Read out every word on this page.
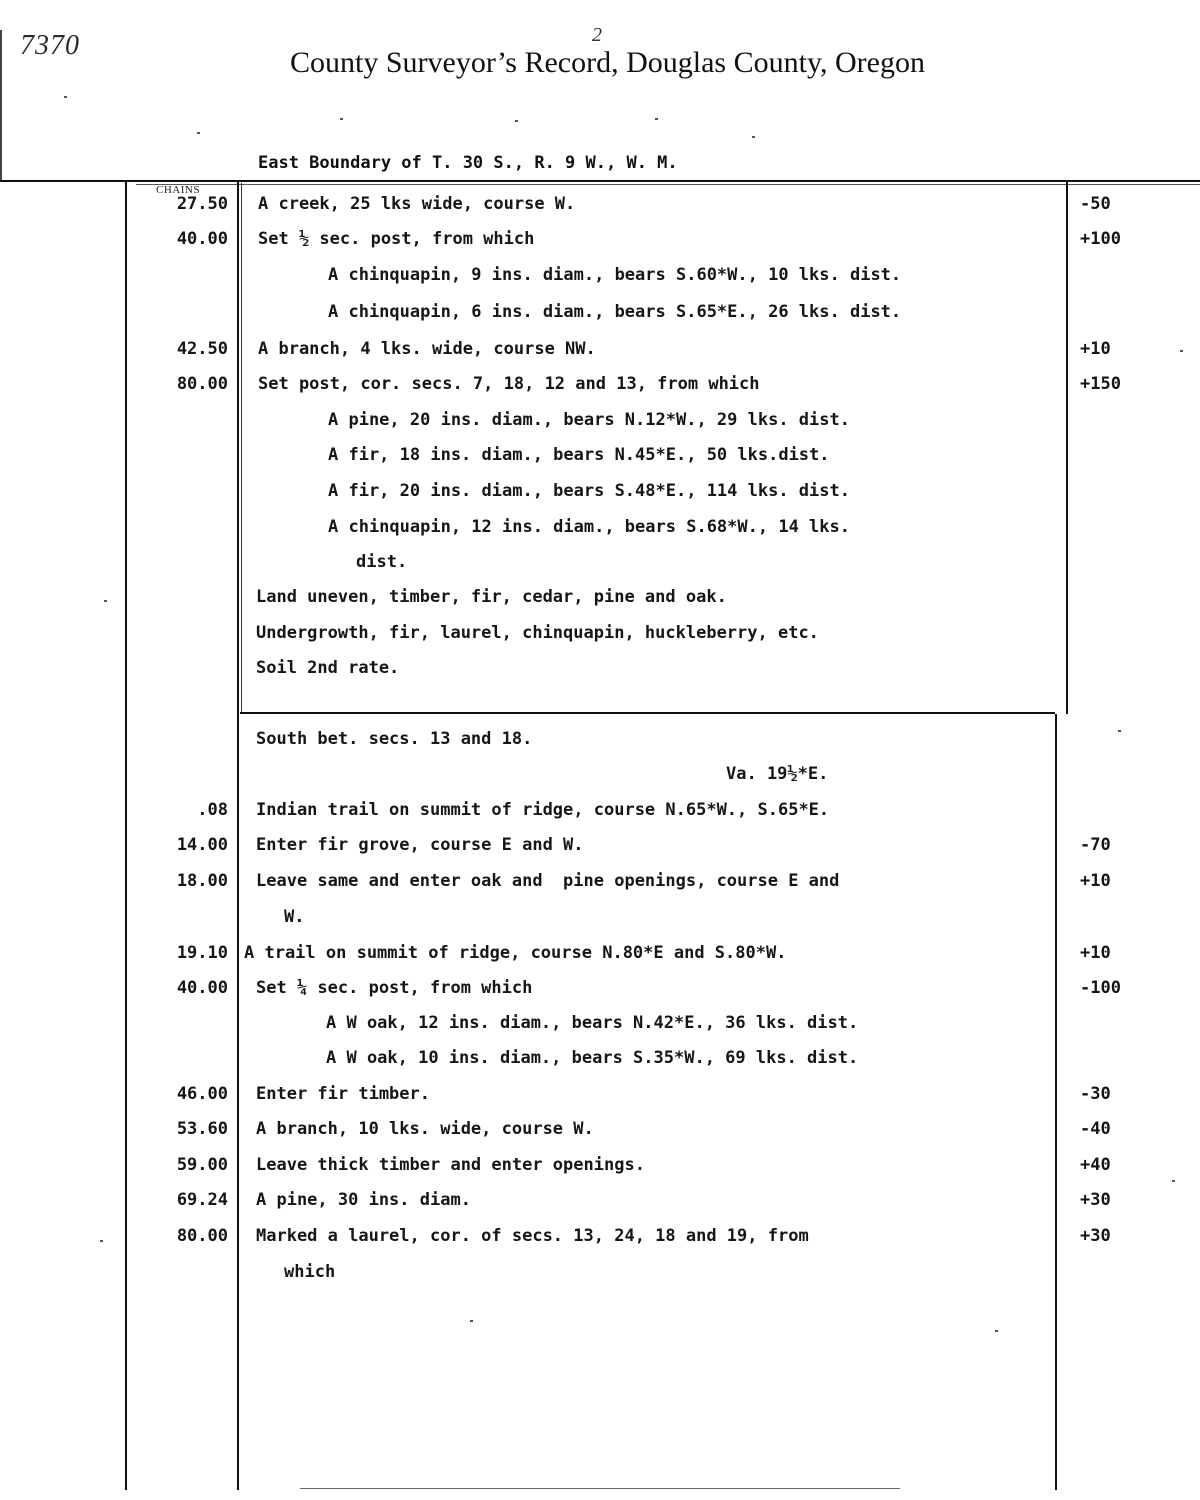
7370	2
County Surveyor’s Record, Douglas County, Oregon
East Boundary of T. 30 S., R. 9 W., W. M.
CHAINS
27.50 A creek, 25 lks wide, course W.	-50
40.00 Set ½ sec. post, from which	+100
A chinquapin, 9 ins. diam., bears S.60*W., 10 lks. dist.
A chinquapin, 6 ins. diam., bears S.65*E., 26 lks. dist.
42.50 A branch, 4 lks. wide, course NW.	+10
80.00 Set post, cor. secs. 7, 18, 12 and 13, from which	+150
A pine, 20 ins. diam., bears N.12*W., 29 lks. dist.
A fir, 18 ins. diam., bears N.45*E., 50 lks.dist.
A fir, 20 ins. diam., bears S.48*E., 114 lks. dist.
A chinquapin, 12 ins. diam., bears S.68*W., 14 lks.
dist.
Land uneven, timber, fir, cedar, pine and oak.
Undergrowth, fir, laurel, chinquapin, huckleberry, etc.
Soil 2nd rate.
South bet. secs. 13 and 18.
Va. 19½*E.
.08 Indian trail on summit of ridge, course N.65*W., S.65*E.
14.00 Enter fir grove, course E and W.	-70
18.00 Leave same and enter oak and  pine openings, course E and	+10
W.
19.10 A trail on summit of ridge, course N.80*E and S.80*W.	+10
40.00 Set ¼ sec. post, from which	-100
A W oak, 12 ins. diam., bears N.42*E., 36 lks. dist.
A W oak, 10 ins. diam., bears S.35*W., 69 lks. dist.
46.00 Enter fir timber.	-30
53.60 A branch, 10 lks. wide, course W.	-40
59.00 Leave thick timber and enter openings.	+40
69.24 A pine, 30 ins. diam.	+30
80.00 Marked a laurel, cor. of secs. 13, 24, 18 and 19, from	+30
which
